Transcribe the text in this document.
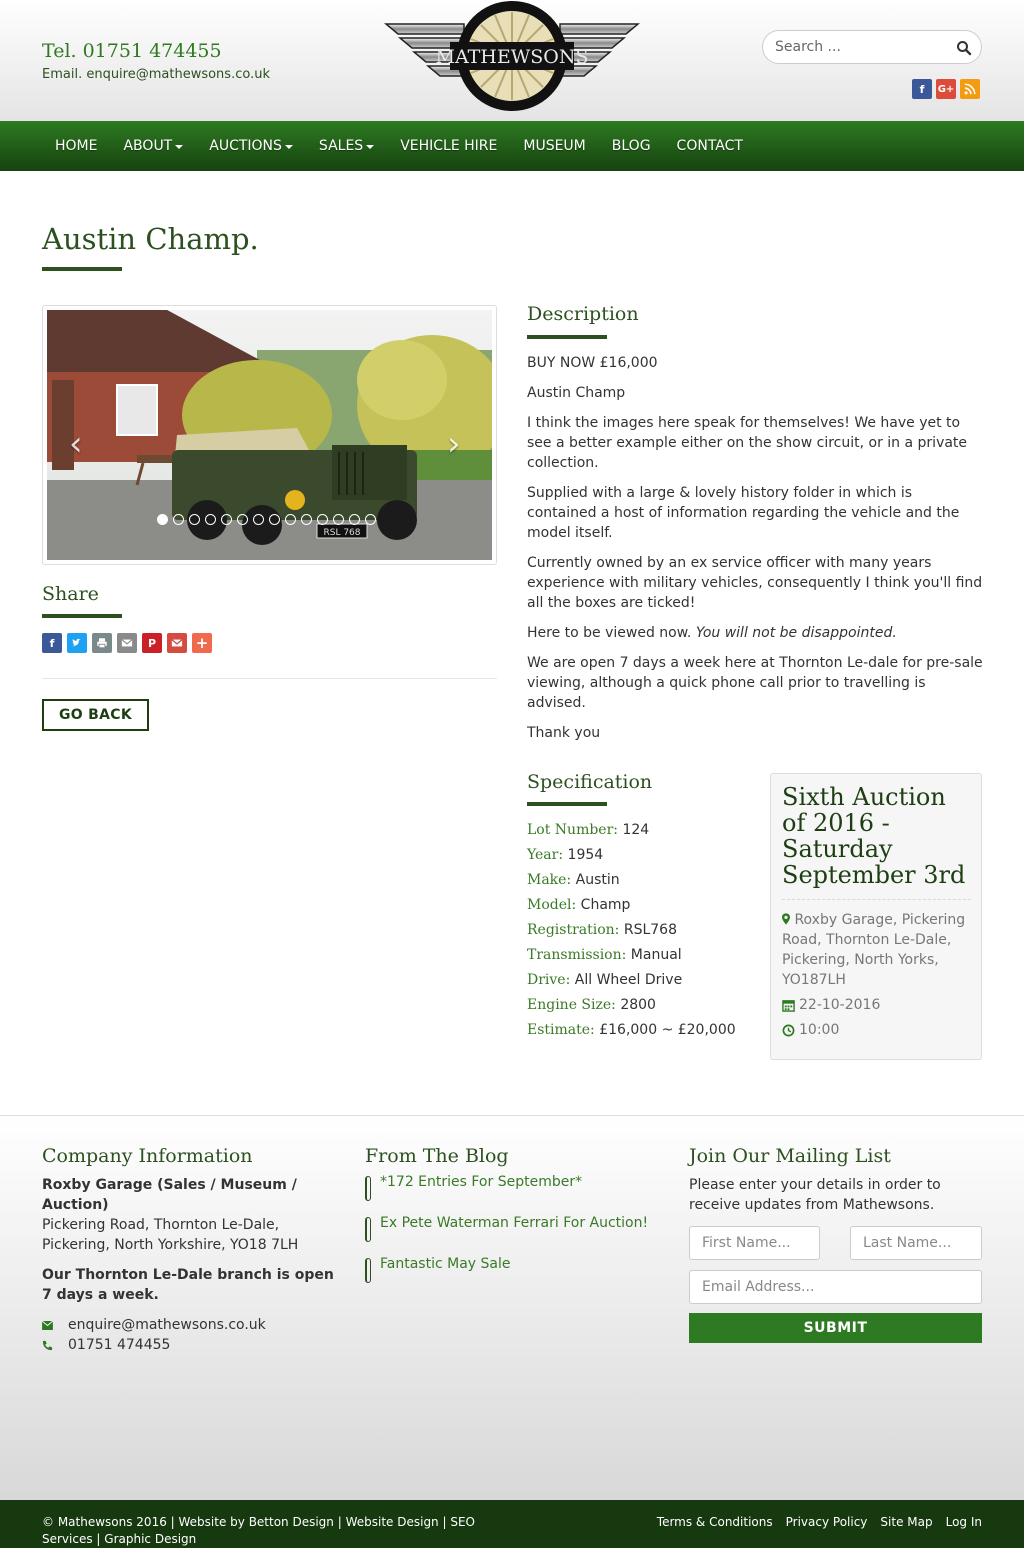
Tel. 01751 474455
Email. enquire@mathewsons.co.uk
MATHEWSONS
Search ...
f	G+
HOME ABOUT	AUCTIONS	SALES	VEHICLE HIRE MUSEUM BLOG CONTACT
Austin Champ.
RSL 768
‹	›
Share
f	P	+
GO BACK
Description

BUY NOW £16,000

Austin Champ

I think the images here speak for themselves! We have yet to see a better example either on the show circuit, or in a private collection.

Supplied with a large & lovely history folder in which is contained a host of information regarding the vehicle and the model itself.

Currently owned by an ex service officer with many years experience with military vehicles, consequently I think you'll find all the boxes are ticked!

Here to be viewed now. You will not be disappointed.

We are open 7 days a week here at Thornton Le-dale for pre-sale viewing, although a quick phone call prior to travelling is advised.

Thank you

Specification
Lot Number: 124
Year: 1954
Make: Austin
Model: Champ
Registration: RSL768
Transmission: Manual
Drive: All Wheel Drive
Engine Size: 2800
Estimate: £16,000 ~ £20,000
Sixth Auction of 2016 - Saturday September 3rd
Roxby Garage, Pickering Road, Thornton Le-Dale, Pickering, North Yorks, YO187LH
22-10-2016
10:00
Company Information
Roxby Garage (Sales / Museum / Auction)
Pickering Road, Thornton Le-Dale, Pickering, North Yorkshire, YO18 7LH
Our Thornton Le-Dale branch is open 7 days a week.
enquire@mathewsons.co.uk
01751 474455
From The Blog
*172 Entries For September*
Ex Pete Waterman Ferrari For Auction!
Fantastic May Sale
Join Our Mailing List
Please enter your details in order to receive updates from Mathewsons.
First Name...
Last Name...
Email Address...
SUBMIT
© Mathewsons 2016 | Website by Betton Design | Website Design | SEO Services | Graphic Design
Terms & Conditions Privacy Policy Site Map Log In
